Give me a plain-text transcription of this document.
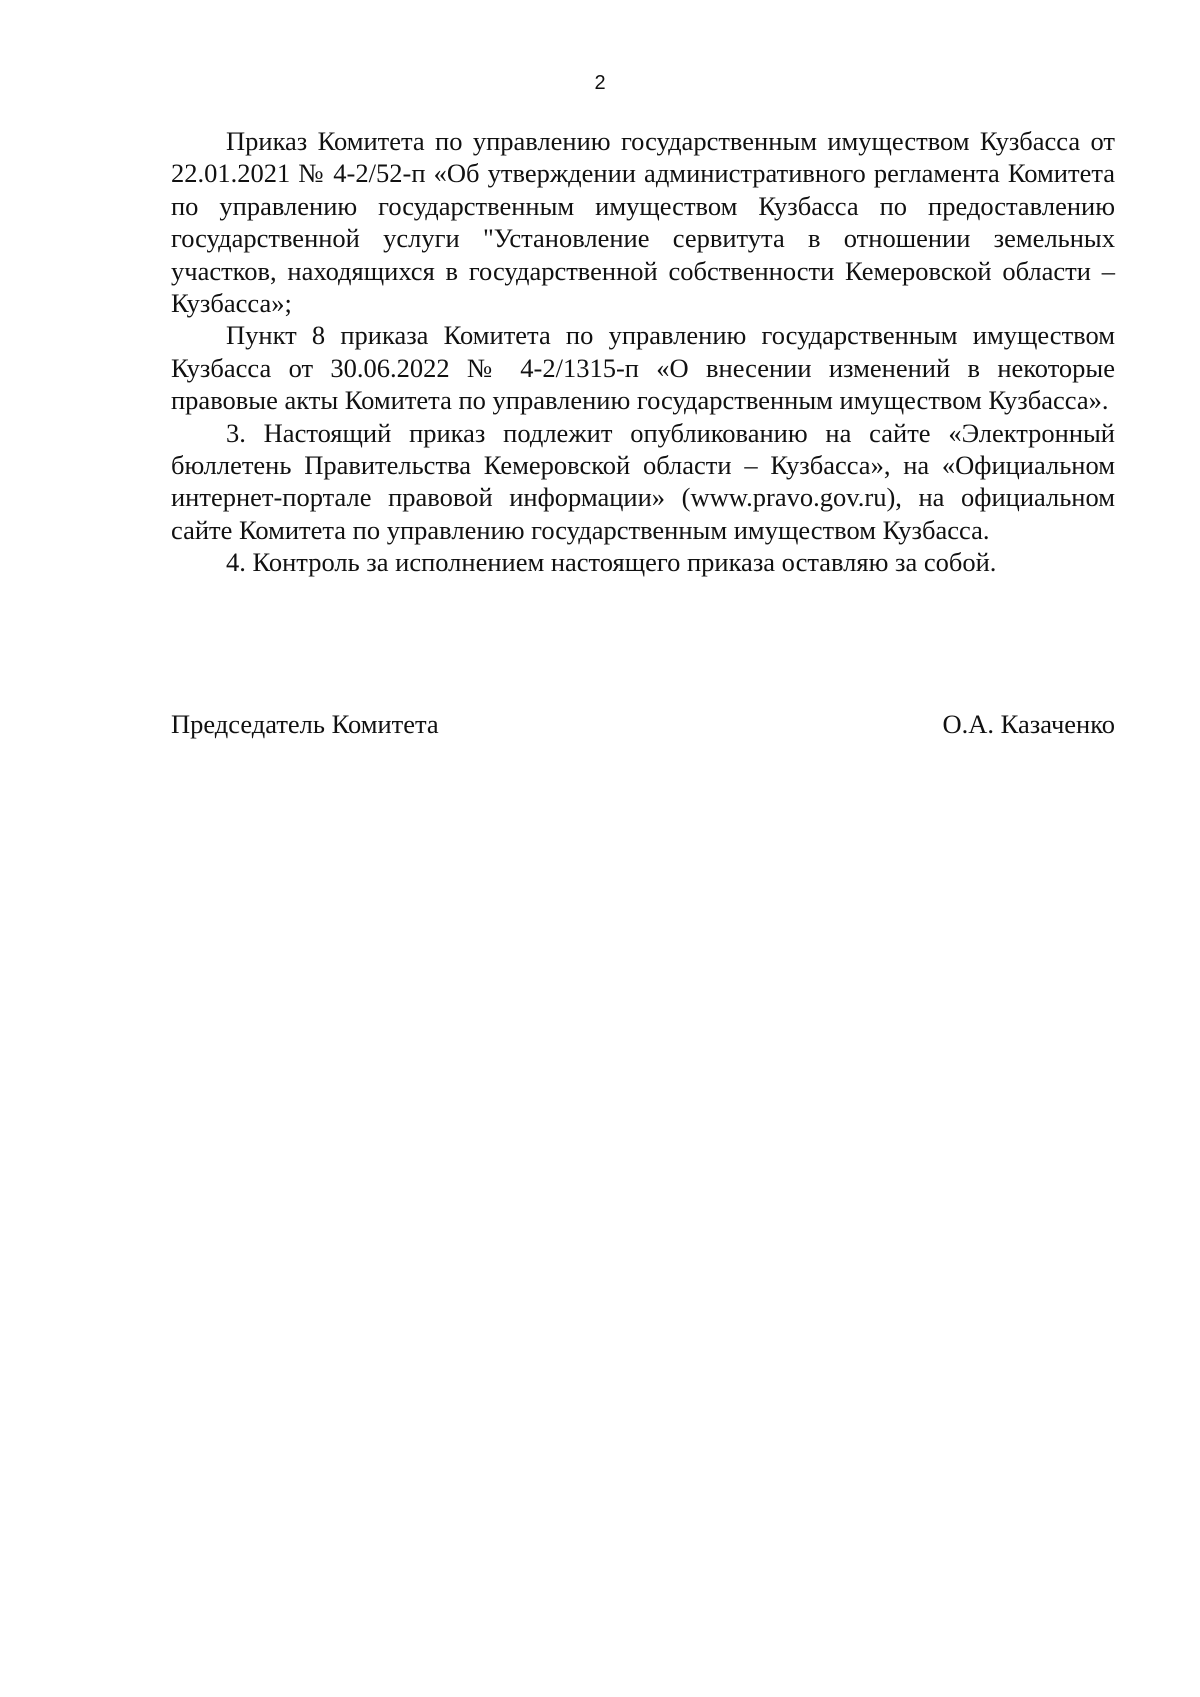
2

Приказ Комитета по управлению государственным имуществом Кузбасса от 22.01.2021 № 4-2/52-п «Об утверждении административного регламента Комитета по управлению государственным имуществом Кузбасса по предоставлению государственной услуги "Установление сервитута в отношении земельных участков, находящихся в государственной собственности Кемеровской области – Кузбасса»;

Пункт 8 приказа Комитета по управлению государственным имуществом Кузбасса от 30.06.2022 № 4-2/1315-п «О внесении изменений в некоторые правовые акты Комитета по управлению государственным имуществом Кузбасса».

3. Настоящий приказ подлежит опубликованию на сайте «Электронный бюллетень Правительства Кемеровской области – Кузбасса», на «Официальном интернет-портале правовой информации» (www.pravo.gov.ru), на официальном сайте Комитета по управлению государственным имуществом Кузбасса.

4. Контроль за исполнением настоящего приказа оставляю за собой.

Председатель Комитета	О.А. Казаченко
